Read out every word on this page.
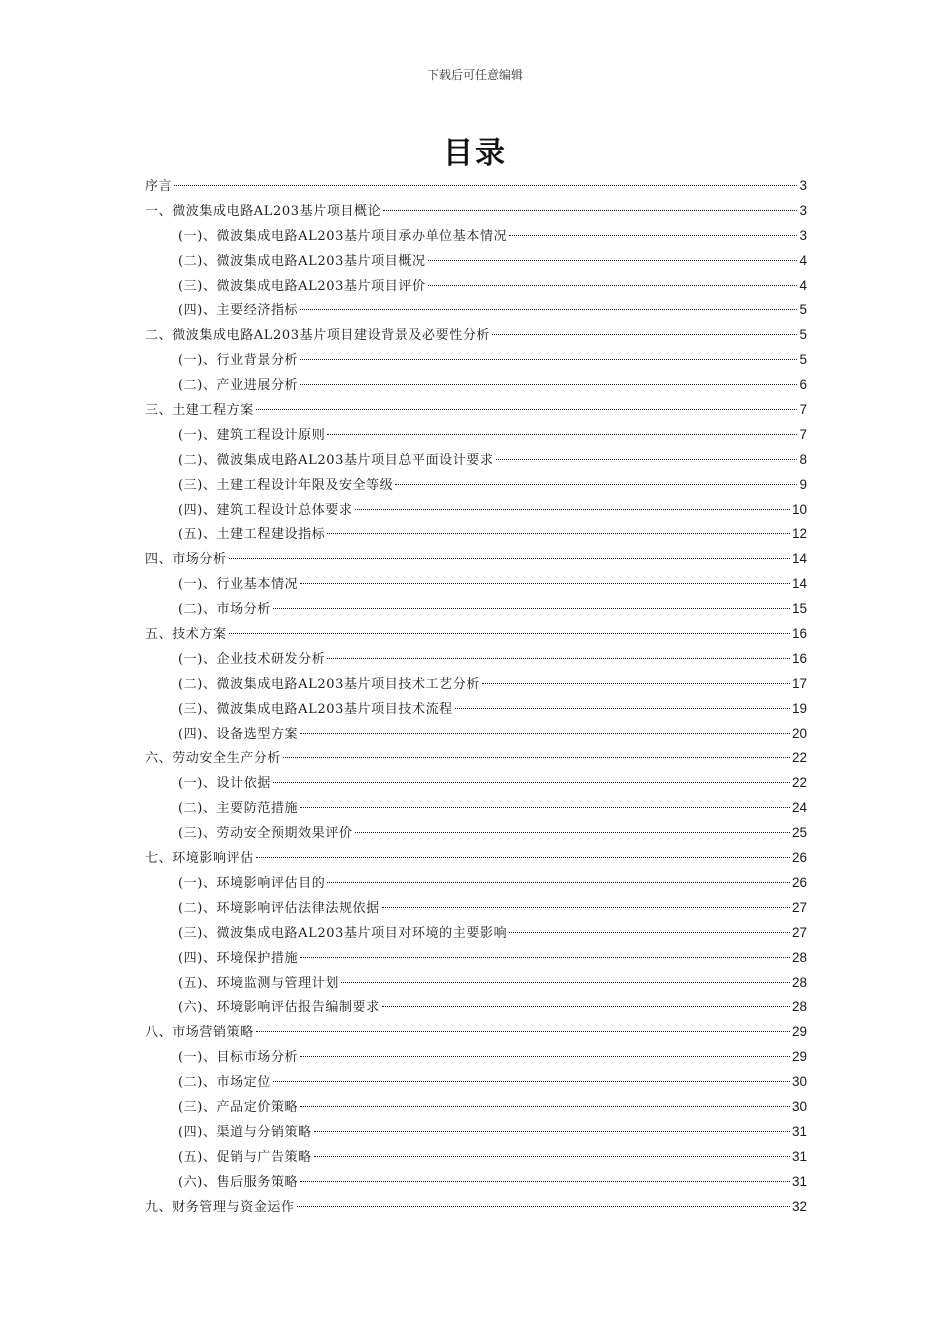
下载后可任意编辑
目录
序言	3
一、微波集成电路AL203基片项目概论	3
(一)、微波集成电路AL203基片项目承办单位基本情况	3
(二)、微波集成电路AL203基片项目概况	4
(三)、微波集成电路AL203基片项目评价	4
(四)、主要经济指标	5
二、微波集成电路AL203基片项目建设背景及必要性分析	5
(一)、行业背景分析	5
(二)、产业进展分析	6
三、土建工程方案	7
(一)、建筑工程设计原则	7
(二)、微波集成电路AL203基片项目总平面设计要求	8
(三)、土建工程设计年限及安全等级	9
(四)、建筑工程设计总体要求	10
(五)、土建工程建设指标	12
四、市场分析	14
(一)、行业基本情况	14
(二)、市场分析	15
五、技术方案	16
(一)、企业技术研发分析	16
(二)、微波集成电路AL203基片项目技术工艺分析	17
(三)、微波集成电路AL203基片项目技术流程	19
(四)、设备选型方案	20
六、劳动安全生产分析	22
(一)、设计依据	22
(二)、主要防范措施	24
(三)、劳动安全预期效果评价	25
七、环境影响评估	26
(一)、环境影响评估目的	26
(二)、环境影响评估法律法规依据	27
(三)、微波集成电路AL203基片项目对环境的主要影响	27
(四)、环境保护措施	28
(五)、环境监测与管理计划	28
(六)、环境影响评估报告编制要求	28
八、市场营销策略	29
(一)、目标市场分析	29
(二)、市场定位	30
(三)、产品定价策略	30
(四)、渠道与分销策略	31
(五)、促销与广告策略	31
(六)、售后服务策略	31
九、财务管理与资金运作	32
